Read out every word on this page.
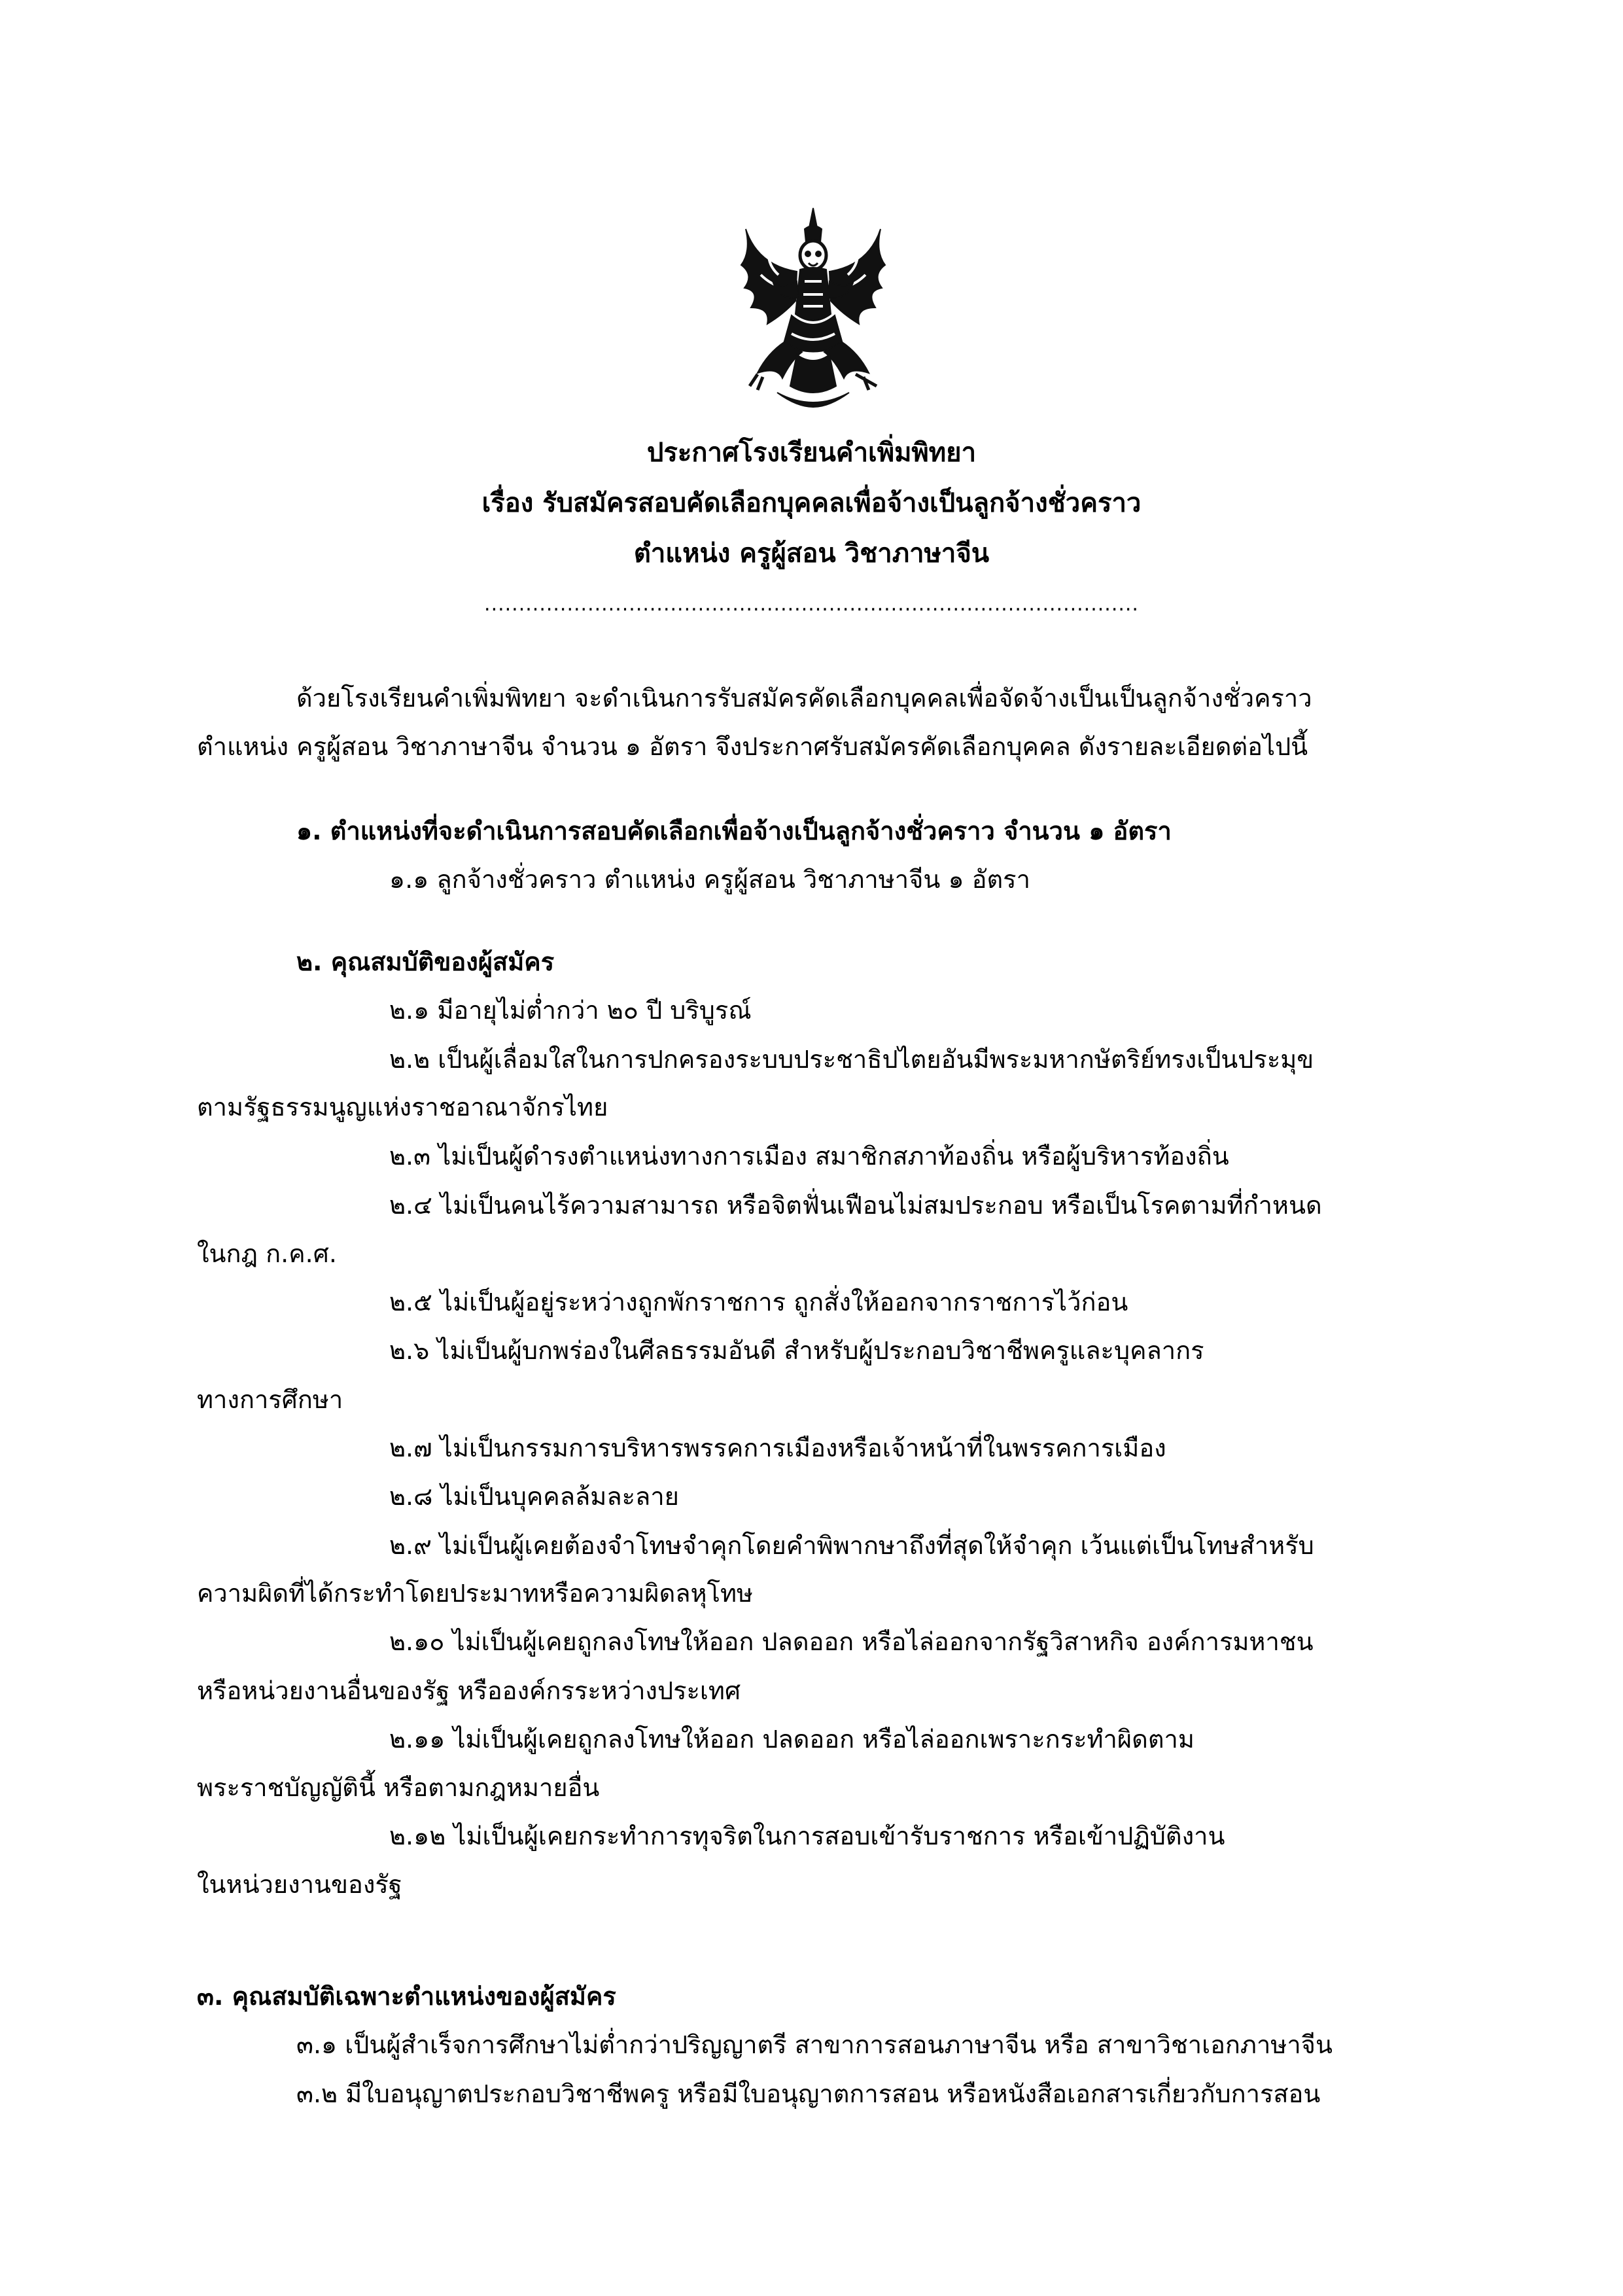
ประกาศโรงเรียนคำเพิ่มพิทยา
เรื่อง รับสมัครสอบคัดเลือกบุคคลเพื่อจ้างเป็นลูกจ้างชั่วคราว
ตำแหน่ง ครูผู้สอน วิชาภาษาจีน
...............................................................................................
ด้วยโรงเรียนคำเพิ่มพิทยา จะดำเนินการรับสมัครคัดเลือกบุคคลเพื่อจัดจ้างเป็นเป็นลูกจ้างชั่วคราว
ตำแหน่ง ครูผู้สอน วิชาภาษาจีน จำนวน ๑ อัตรา จึงประกาศรับสมัครคัดเลือกบุคคล ดังรายละเอียดต่อไปนี้
๑. ตำแหน่งที่จะดำเนินการสอบคัดเลือกเพื่อจ้างเป็นลูกจ้างชั่วคราว จำนวน ๑ อัตรา
๑.๑ ลูกจ้างชั่วคราว ตำแหน่ง ครูผู้สอน วิชาภาษาจีน ๑ อัตรา
๒. คุณสมบัติของผู้สมัคร
๒.๑ มีอายุไม่ต่ำกว่า ๒๐ ปี บริบูรณ์
๒.๒ เป็นผู้เลื่อมใสในการปกครองระบบประชาธิปไตยอันมีพระมหากษัตริย์ทรงเป็นประมุข
ตามรัฐธรรมนูญแห่งราชอาณาจักรไทย
๒.๓ ไม่เป็นผู้ดำรงตำแหน่งทางการเมือง สมาชิกสภาท้องถิ่น หรือผู้บริหารท้องถิ่น
๒.๔ ไม่เป็นคนไร้ความสามารถ หรือจิตฟั่นเฟือนไม่สมประกอบ หรือเป็นโรคตามที่กำหนด
ในกฎ ก.ค.ศ.
๒.๕ ไม่เป็นผู้อยู่ระหว่างถูกพักราชการ ถูกสั่งให้ออกจากราชการไว้ก่อน
๒.๖ ไม่เป็นผู้บกพร่องในศีลธรรมอันดี สำหรับผู้ประกอบวิชาชีพครูและบุคลากร
ทางการศึกษา
๒.๗ ไม่เป็นกรรมการบริหารพรรคการเมืองหรือเจ้าหน้าที่ในพรรคการเมือง
๒.๘ ไม่เป็นบุคคลล้มละลาย
๒.๙ ไม่เป็นผู้เคยต้องจำโทษจำคุกโดยคำพิพากษาถึงที่สุดให้จำคุก เว้นแต่เป็นโทษสำหรับ
ความผิดที่ได้กระทำโดยประมาทหรือความผิดลหุโทษ
๒.๑๐ ไม่เป็นผู้เคยถูกลงโทษให้ออก ปลดออก หรือไล่ออกจากรัฐวิสาหกิจ องค์การมหาชน
หรือหน่วยงานอื่นของรัฐ หรือองค์กรระหว่างประเทศ
๒.๑๑ ไม่เป็นผู้เคยถูกลงโทษให้ออก ปลดออก หรือไล่ออกเพราะกระทำผิดตาม
พระราชบัญญัตินี้ หรือตามกฎหมายอื่น
๒.๑๒ ไม่เป็นผู้เคยกระทำการทุจริตในการสอบเข้ารับราชการ หรือเข้าปฏิบัติงาน
ในหน่วยงานของรัฐ
๓. คุณสมบัติเฉพาะตำแหน่งของผู้สมัคร
๓.๑ เป็นผู้สำเร็จการศึกษาไม่ต่ำกว่าปริญญาตรี สาขาการสอนภาษาจีน หรือ สาขาวิชาเอกภาษาจีน
๓.๒ มีใบอนุญาตประกอบวิชาชีพครู หรือมีใบอนุญาตการสอน หรือหนังสือเอกสารเกี่ยวกับการสอน
